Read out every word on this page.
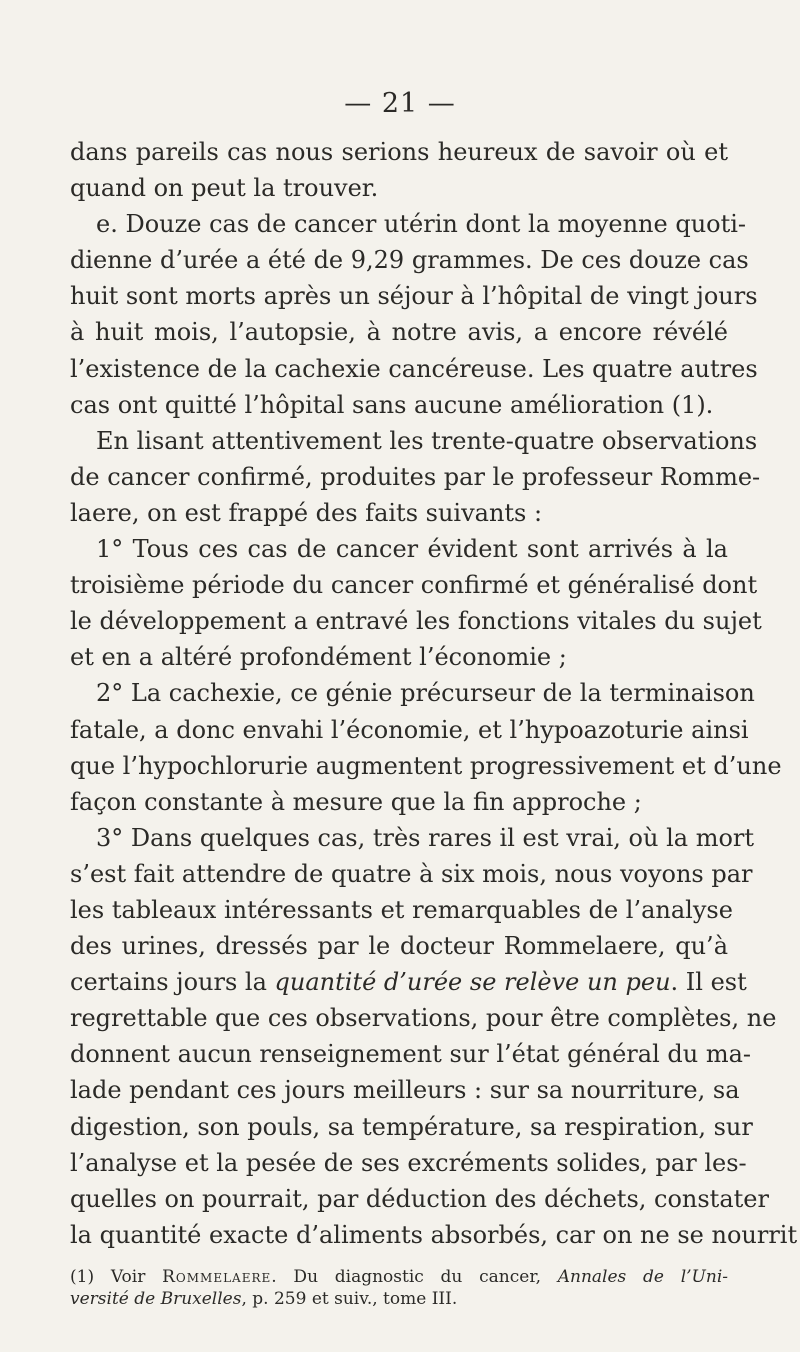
— 21 —
dans pareils cas nous serions heureux de savoir où et
quand on peut la trouver.
e. Douze cas de cancer utérin dont la moyenne quoti-
dienne d’urée a été de 9,29 grammes. De ces douze cas
huit sont morts après un séjour à l’hôpital de vingt jours
à huit mois, l’autopsie, à notre avis, a encore révélé
l’existence de la cachexie cancéreuse. Les quatre autres
cas ont quitté l’hôpital sans aucune amélioration (1).
En lisant attentivement les trente-quatre observations
de cancer confirmé, produites par le professeur Romme-
laere, on est frappé des faits suivants :
1° Tous ces cas de cancer évident sont arrivés à la
troisième période du cancer confirmé et généralisé dont
le développement a entravé les fonctions vitales du sujet
et en a altéré profondément l’économie ;
2° La cachexie, ce génie précurseur de la terminaison
fatale, a donc envahi l’économie, et l’hypoazoturie ainsi
que l’hypochlorurie augmentent progressivement et d’une
façon constante à mesure que la fin approche ;
3° Dans quelques cas, très rares il est vrai, où la mort
s’est fait attendre de quatre à six mois, nous voyons par
les tableaux intéressants et remarquables de l’analyse
des urines, dressés par le docteur Rommelaere, qu’à
certains jours la quantité d’urée se relève un peu. Il est
regrettable que ces observations, pour être complètes, ne
donnent aucun renseignement sur l’état général du ma-
lade pendant ces jours meilleurs : sur sa nourriture, sa
digestion, son pouls, sa température, sa respiration, sur
l’analyse et la pesée de ses excréments solides, par les-
quelles on pourrait, par déduction des déchets, constater
la quantité exacte d’aliments absorbés, car on ne se nourrit
(1) Voir Rommelaere. Du diagnostic du cancer, Annales de l’Uni-
versité de Bruxelles, p. 259 et suiv., tome III.
